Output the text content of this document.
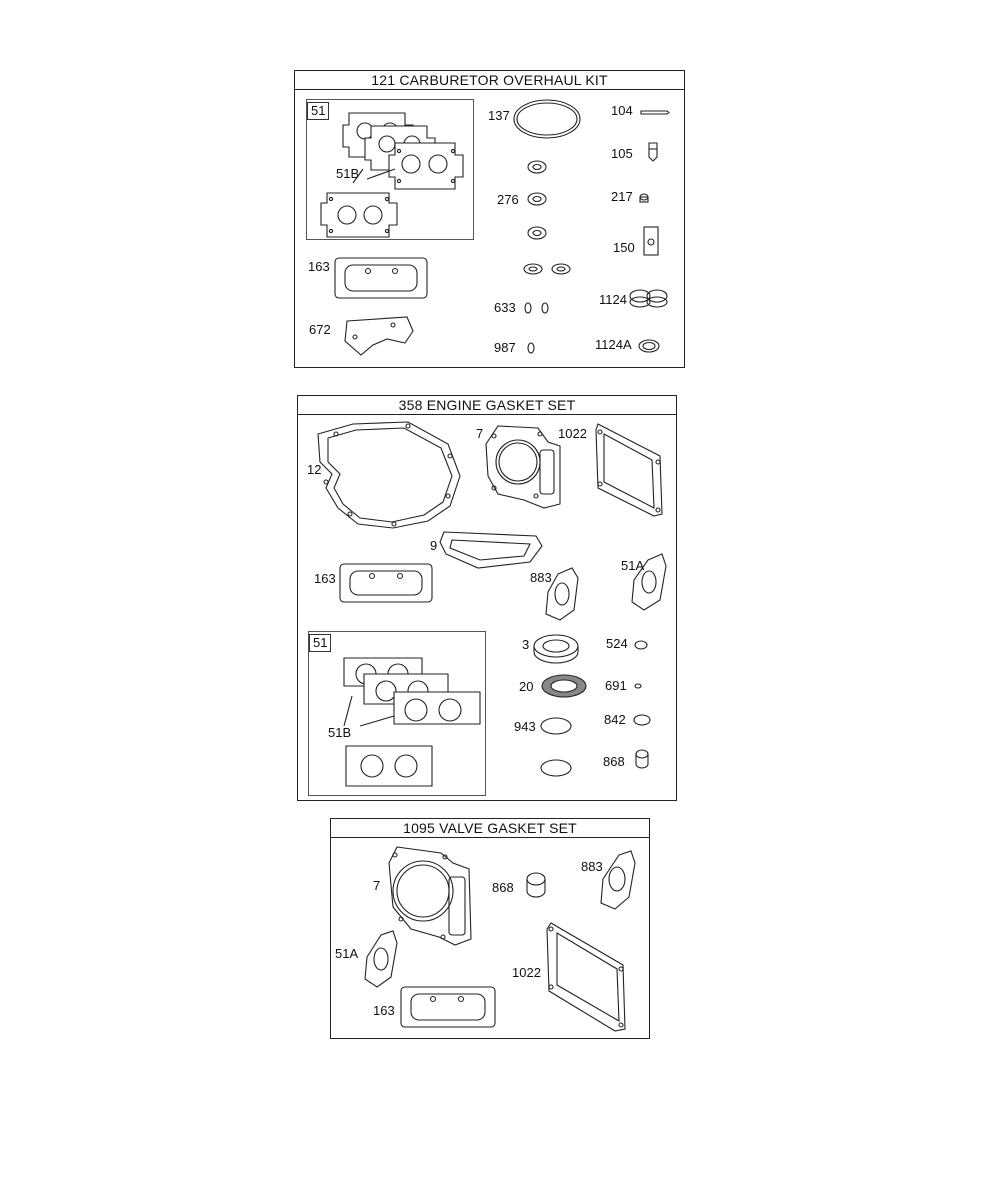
121 CARBURETOR OVERHAUL KIT
51
51B
163
672
137
276
633
987
104
105
217
150
1124
1124A
358 ENGINE GASKET SET
51
12
7	1022
9
163	883
51A
51B
3	524
20	691
943	842
868
1095 VALVE GASKET SET
7	868
883
51A
1022
163
